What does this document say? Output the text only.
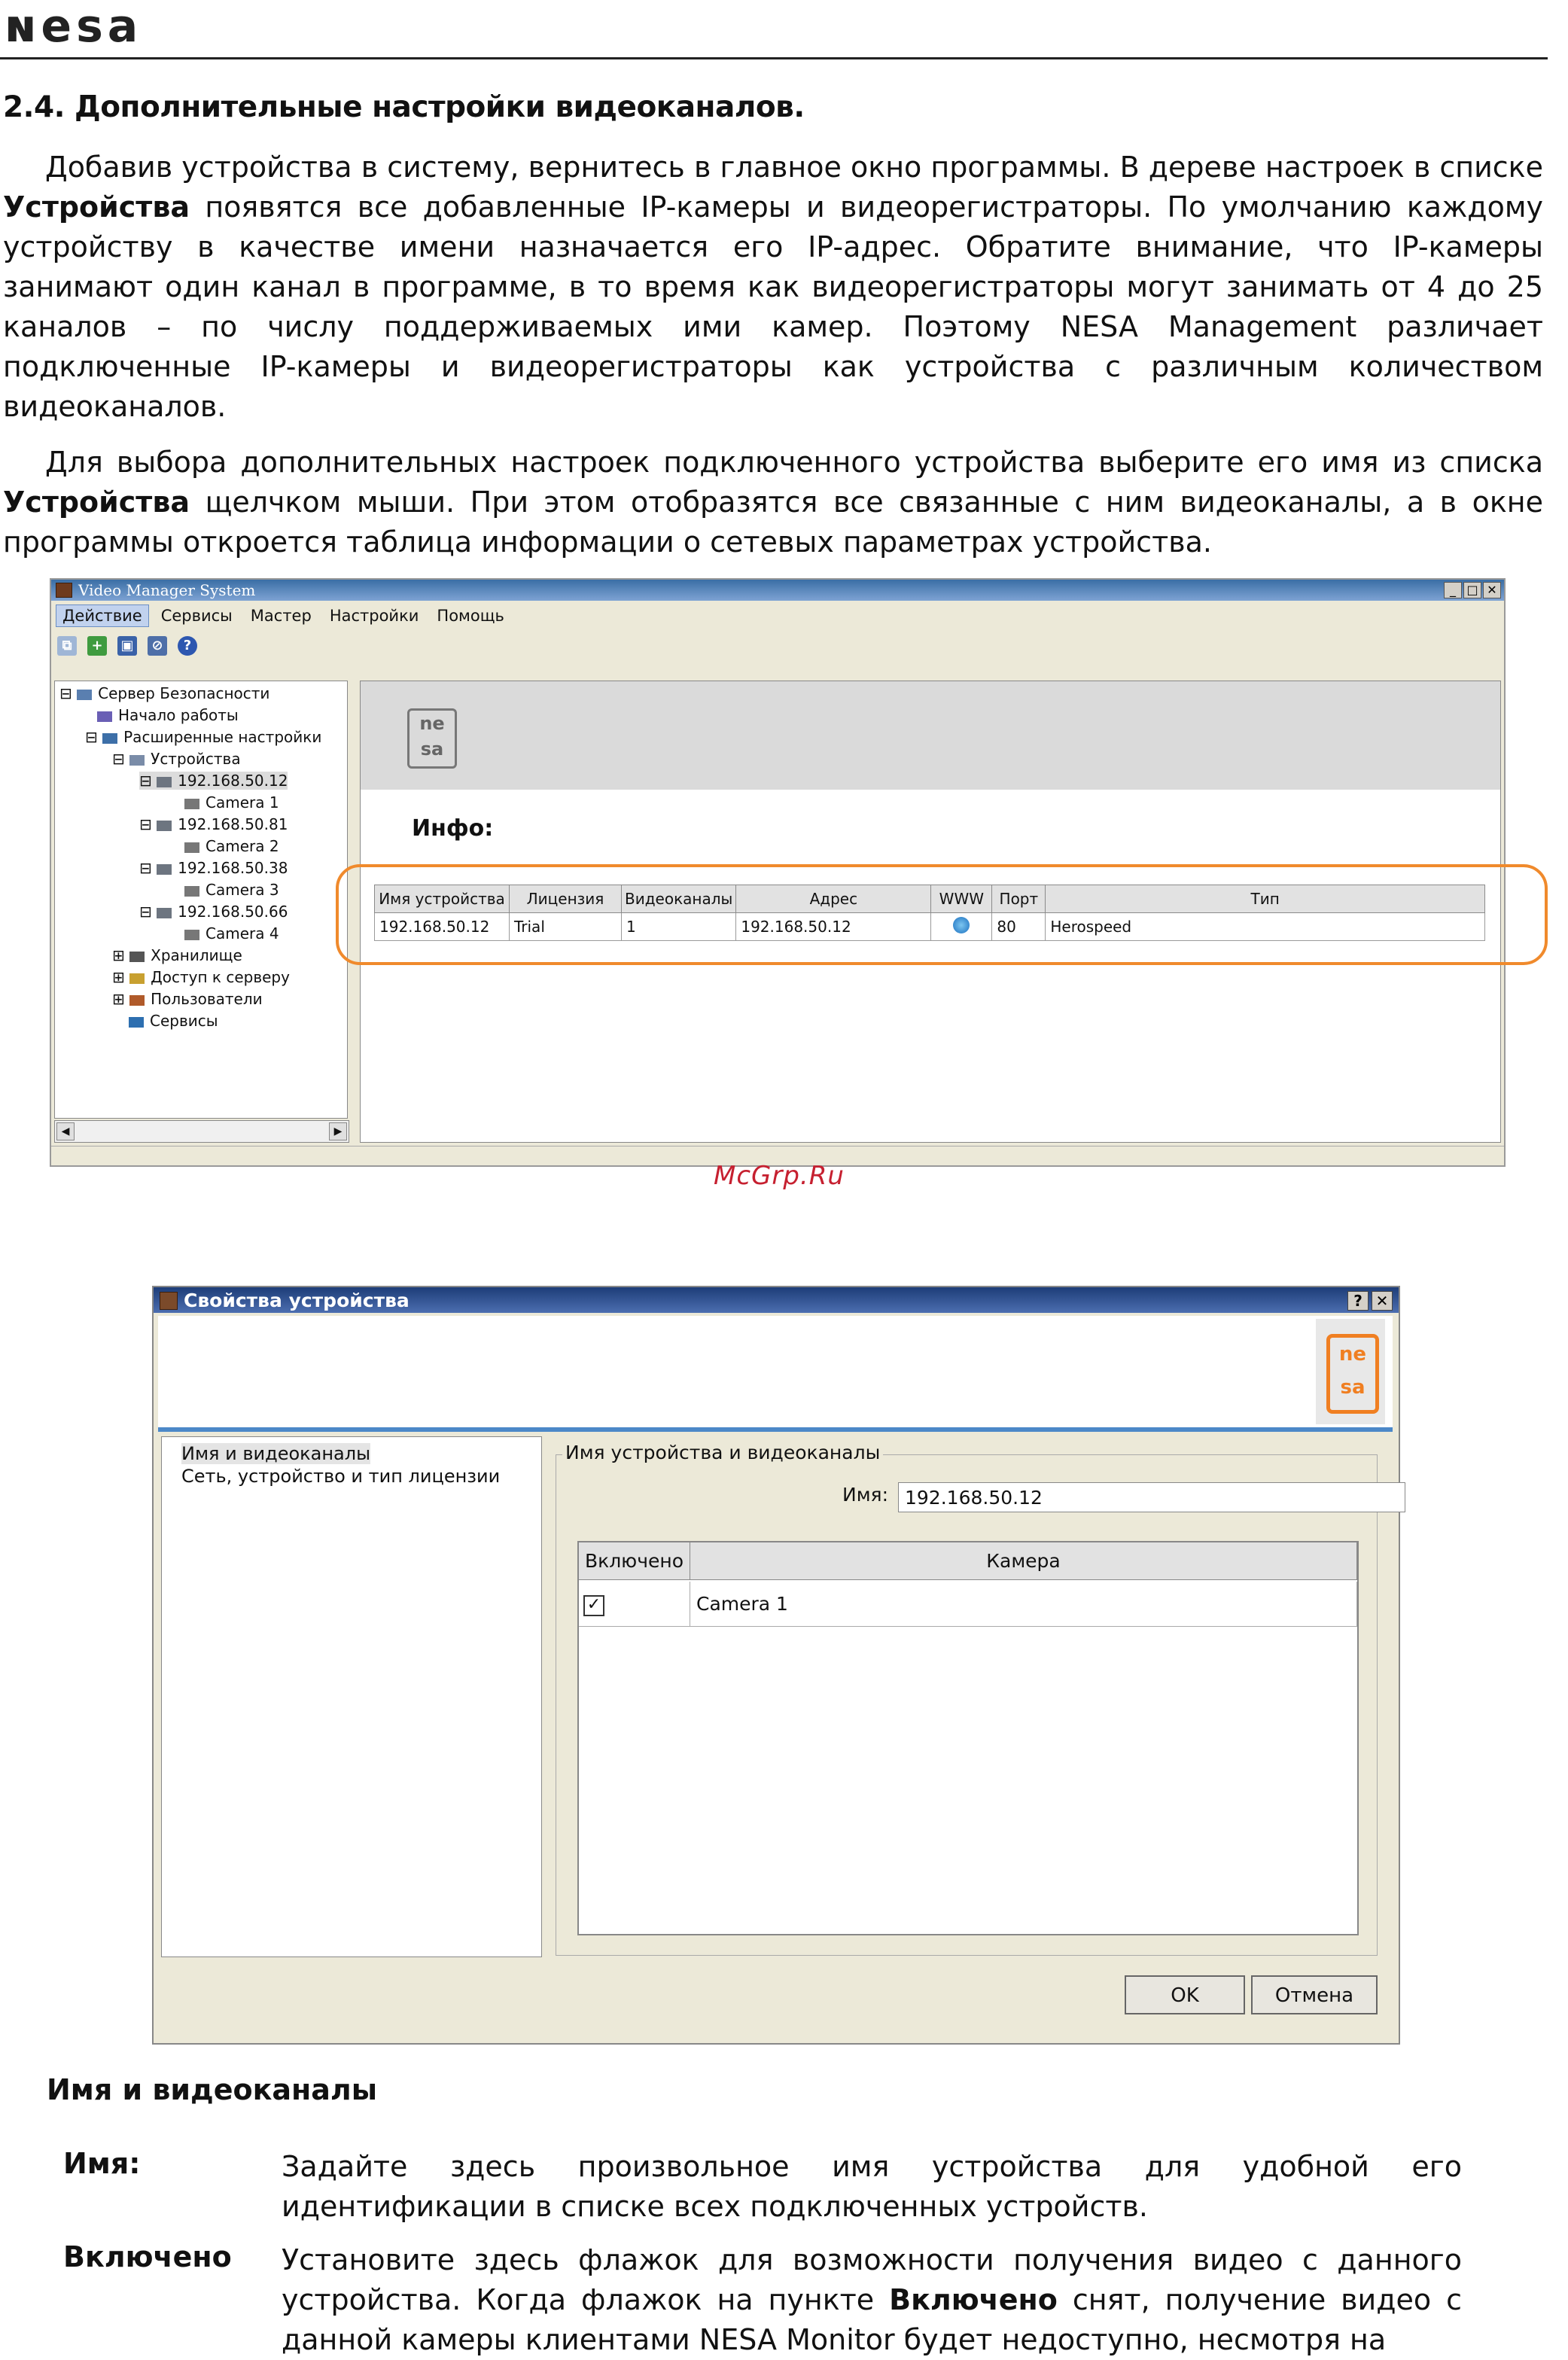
ɴesa
2.4. Дополнительные настройки видеоканалов.
Добавив устройства в систему, вернитесь в главное окно программы. В дереве настроек в списке Устройства появятся все добавленные IP-камеры и видеорегистраторы. По умолчанию каждому устройству в качестве имени назначается его IP-адрес. Обратите внимание, что IP-камеры занимают один канал в программе, в то время как видеорегистраторы могут занимать от 4 до 25 каналов – по числу поддерживаемых ими камер. Поэтому NESA Management различает подключенные IP-камеры и видеорегистраторы как устройства с различным количеством видеоканалов.
Для выбора дополнительных настроек подключенного устройства выберите его имя из списка Устройства щелчком мыши. При этом отобразятся все связанные с ним видеоканалы, а в окне программы откроется таблица информации о сетевых параметрах устройства.
Video Manager System	_ □ ✕
Действие	Сервисы	Мастер	Настройки	Помощь
⧉	+	▣	⊘	?
⊟ Сервер Безопасности
Начало работы
⊟ Расширенные настройки
⊟ Устройства
⊟ 192.168.50.12
Camera 1
⊟ 192.168.50.81
Camera 2
⊟ 192.168.50.38
Camera 3
⊟ 192.168.50.66
Camera 4
⊞ Хранилище
⊞ Доступ к серверу
⊞ Пользователи
Сервисы
◀	▶
ne
sa
Инфо:
Имя устройства	Лицензия	Видеоканалы	Адрес	WWW	Порт	Тип
192.168.50.12	Trial	1	192.168.50.12		80	Herospeed
McGrp.Ru
Свойства устройства	? ✕
ne
sa
Имя и видеоканалы
Сеть, устройство и тип лицензии
Имя устройства и видеоканалы
Имя: 192.168.50.12
Включено	Камера
✓	Camera 1
OK	Отмена
Имя и видеоканалы
Имя:	Задайте здесь произвольное имя устройства для удобной его идентификации в списке всех подключенных устройств.
Включено Установите здесь флажок для возможности получения видео с данного устройства. Когда флажок на пункте Включено снят, получение видео с данной камеры клиентами NESA Monitor будет недоступно, несмотря на
